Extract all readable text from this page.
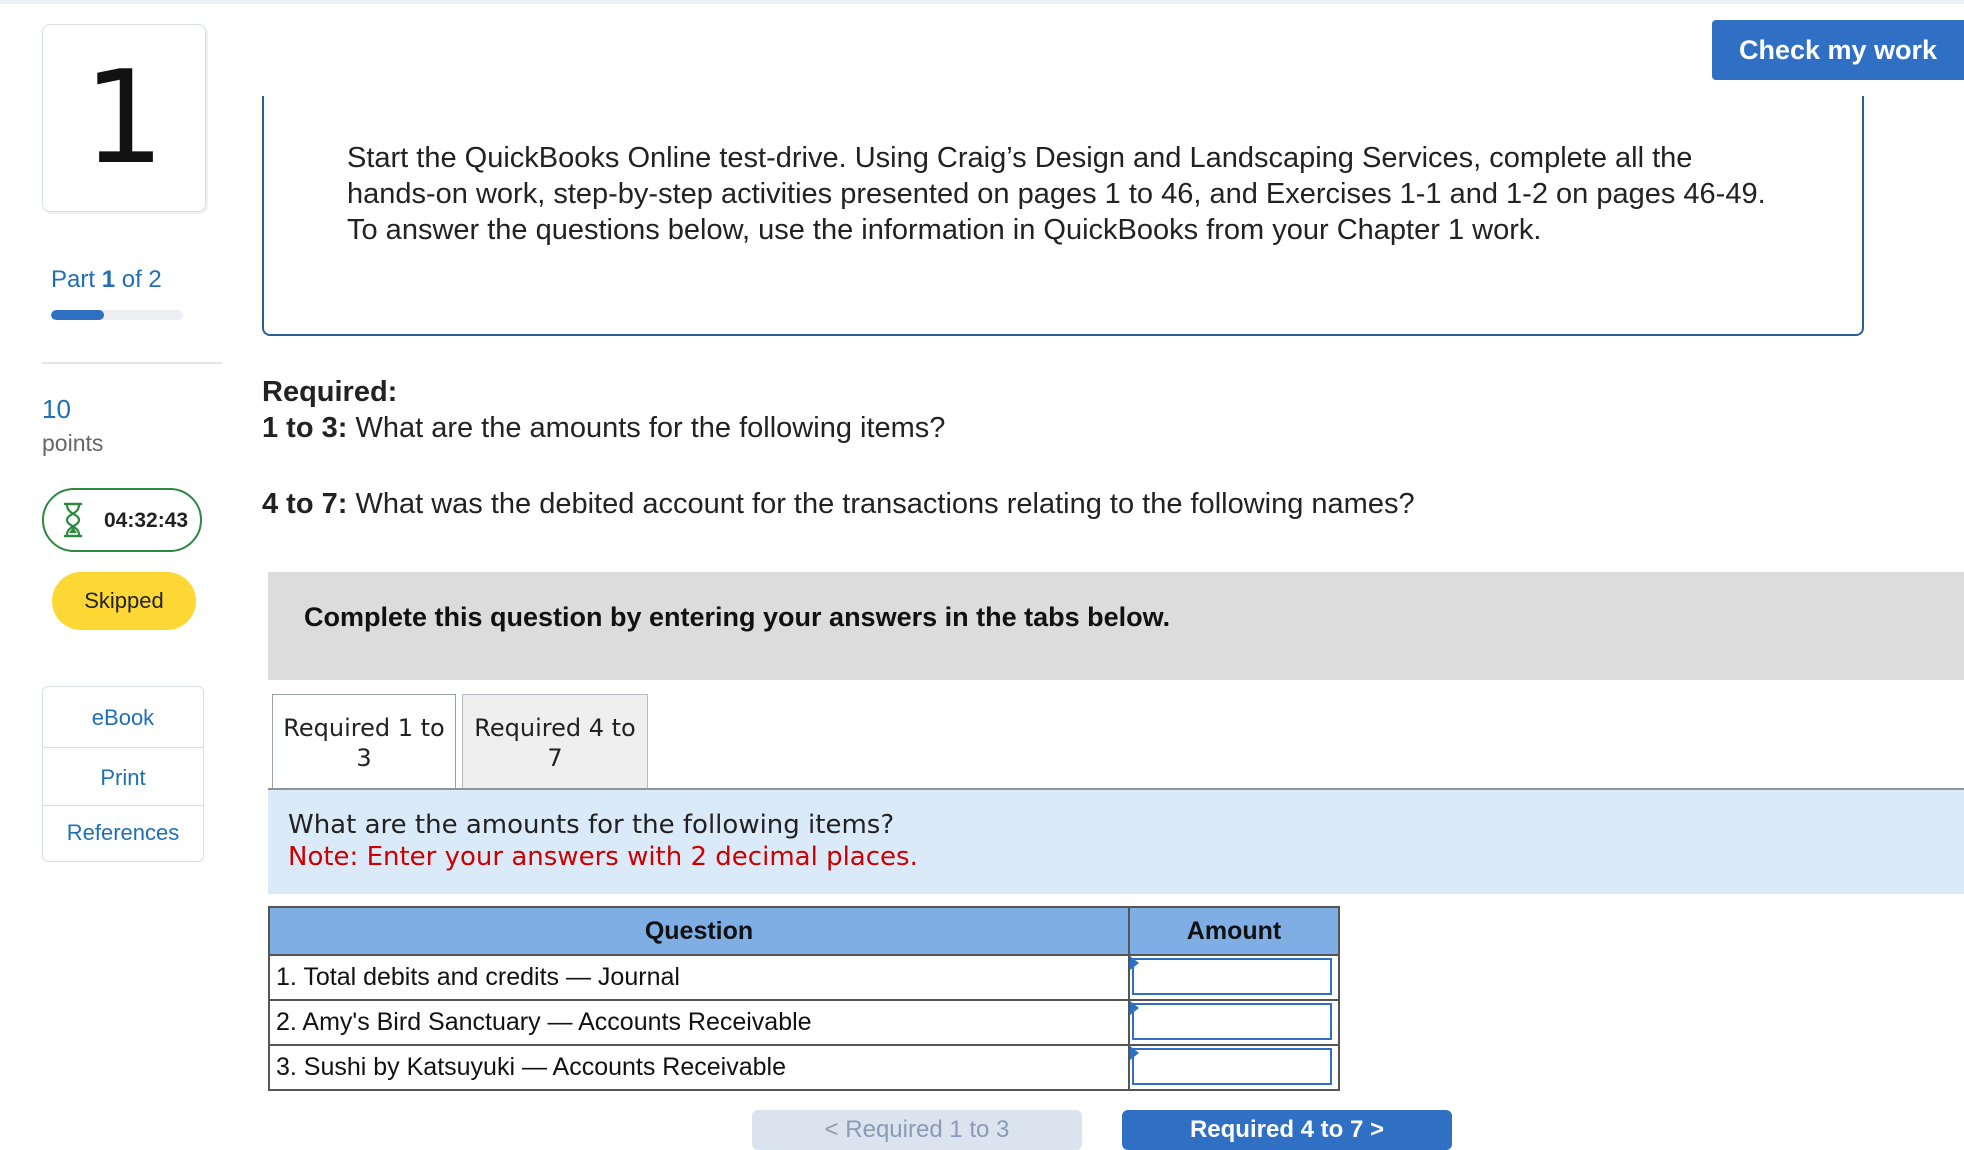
1
Part 1 of 2
10
points
04:32:43
Skipped
eBook
Print
References
Check my work
Start the QuickBooks Online test-drive. Using Craig’s Design and Landscaping Services, complete all the hands-on work, step-by-step activities presented on pages 1 to 46, and Exercises 1-1 and 1-2 on pages 46-49. To answer the questions below, use the information in QuickBooks from your Chapter 1 work.
Required:
1 to 3: What are the amounts for the following items?
4 to 7: What was the debited account for the transactions relating to the following names?
Complete this question by entering your answers in the tabs below.
Required 1 to 3
Required 4 to 7
What are the amounts for the following items?
Note: Enter your answers with 2 decimal places.
Question	Amount
1. Total debits and credits — Journal	

2. Amy's Bird Sanctuary — Accounts Receivable	

3. Sushi by Katsuyuki — Accounts Receivable	
< Required 1 to 3	Required 4 to 7 >
